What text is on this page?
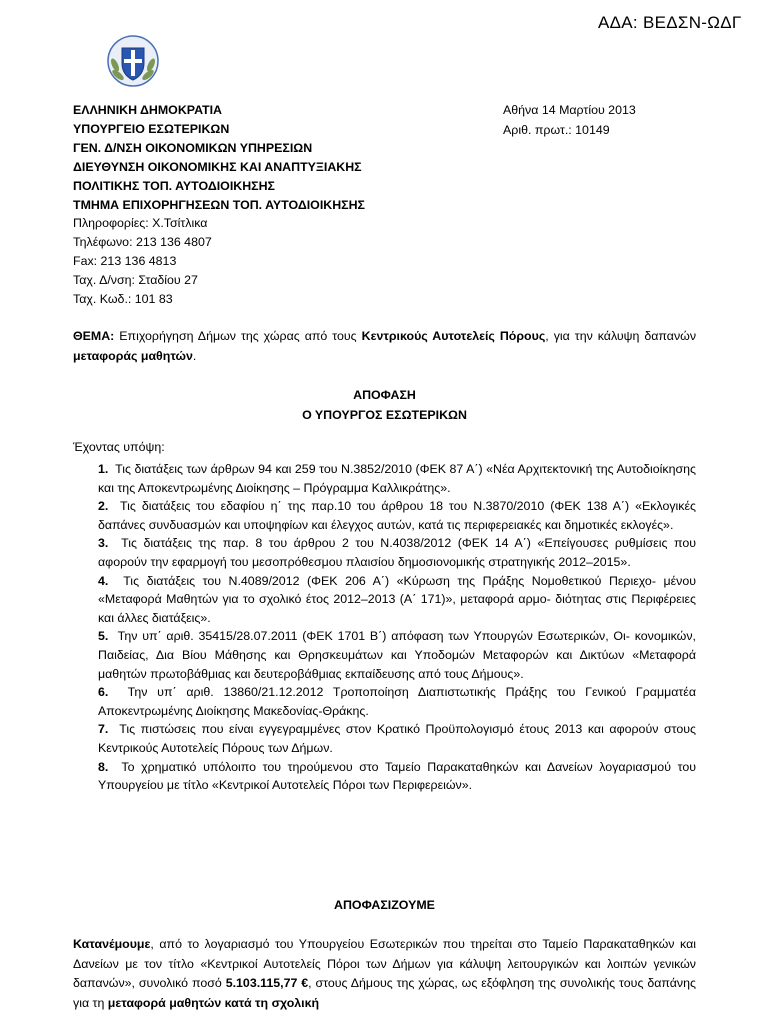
ΑΔΑ: ΒΕΔΣΝ-ΩΔΓ
ΕΛΛΗΝΙΚΗ ΔΗΜΟΚΡΑΤΙΑ
ΥΠΟΥΡΓΕΙΟ ΕΣΩΤΕΡΙΚΩΝ
ΓΕΝ. Δ/ΝΣΗ ΟΙΚΟΝΟΜΙΚΩΝ ΥΠΗΡΕΣΙΩΝ
ΔΙΕΥΘΥΝΣΗ ΟΙΚΟΝΟΜΙΚΗΣ ΚΑΙ ΑΝΑΠΤΥΞΙΑΚΗΣ
ΠΟΛΙΤΙΚΗΣ ΤΟΠ. ΑΥΤΟΔΙΟΙΚΗΣΗΣ
ΤΜΗΜΑ ΕΠΙΧΟΡΗΓΗΣΕΩΝ ΤΟΠ. ΑΥΤΟΔΙΟΙΚΗΣΗΣ
Πληροφορίες: Χ.Τσίτλικα
Τηλέφωνο: 213 136 4807
Fax: 213 136 4813
Ταχ. Δ/νση: Σταδίου 27
Ταχ. Κωδ.: 101 83
Αθήνα 14 Μαρτίου 2013
Αριθ. πρωτ.: 10149
ΘΕΜΑ: Επιχορήγηση Δήμων της χώρας από τους Κεντρικούς Αυτοτελείς Πόρους, για την κάλυψη δαπανών μεταφοράς μαθητών.
ΑΠΟΦΑΣΗ
Ο ΥΠΟΥΡΓΟΣ ΕΣΩΤΕΡΙΚΩΝ
Έχοντας υπόψη:
1. Τις διατάξεις των άρθρων 94 και 259 του Ν.3852/2010 (ΦΕΚ 87 Α΄) «Νέα Αρχιτεκτονική της Αυτοδιοίκησης και της Αποκεντρωμένης Διοίκησης – Πρόγραμμα Καλλικράτης».
2. Τις διατάξεις του εδαφίου η΄ της παρ.10 του άρθρου 18 του Ν.3870/2010 (ΦΕΚ 138 Α΄) «Εκλογικές δαπάνες συνδυασμών και υποψηφίων και έλεγχος αυτών, κατά τις περιφερειακές και δημοτικές εκλογές».
3. Τις διατάξεις της παρ. 8 του άρθρου 2 του Ν.4038/2012 (ΦΕΚ 14 Α΄) «Επείγουσες ρυθμίσεις που αφορούν την εφαρμογή του μεσοπρόθεσμου πλαισίου δημοσιονομικής στρατηγικής 2012–2015».
4. Τις διατάξεις του Ν.4089/2012 (ΦΕΚ 206 Α΄) «Κύρωση της Πράξης Νομοθετικού Περιεχο- μένου «Μεταφορά Μαθητών για το σχολικό έτος 2012–2013 (Α΄ 171)», μεταφορά αρμο- διότητας στις Περιφέρειες και άλλες διατάξεις».
5. Την υπ΄ αριθ. 35415/28.07.2011 (ΦΕΚ 1701 Β΄) απόφαση των Υπουργών Εσωτερικών, Οι- κονομικών, Παιδείας, Δια Βίου Μάθησης και Θρησκευμάτων και Υποδομών Μεταφορών και Δικτύων «Μεταφορά μαθητών πρωτοβάθμιας και δευτεροβάθμιας εκπαίδευσης από τους Δήμους».
6. Την υπ΄ αριθ. 13860/21.12.2012 Τροποποίηση Διαπιστωτικής Πράξης του Γενικού Γραμματέα Αποκεντρωμένης Διοίκησης Μακεδονίας-Θράκης.
7. Τις πιστώσεις που είναι εγγεγραμμένες στον Κρατικό Προϋπολογισμό έτους 2013 και αφορούν στους Κεντρικούς Αυτοτελείς Πόρους των Δήμων.
8. Το χρηματικό υπόλοιπο του τηρούμενου στο Ταμείο Παρακαταθηκών και Δανείων λογαριασμού του Υπουργείου με τίτλο «Κεντρικοί Αυτοτελείς Πόροι των Περιφερειών».
ΑΠΟΦΑΣΙΖΟΥΜΕ
Κατανέμουμε, από το λογαριασμό του Υπουργείου Εσωτερικών που τηρείται στο Ταμείο Παρακαταθηκών και Δανείων με τον τίτλο «Κεντρικοί Αυτοτελείς Πόροι των Δήμων για κάλυψη λειτουργικών και λοιπών γενικών δαπανών», συνολικό ποσό 5.103.115,77 €, στους Δήμους της χώρας, ως εξόφληση της συνολικής τους δαπάνης για τη μεταφορά μαθητών κατά τη σχολική
